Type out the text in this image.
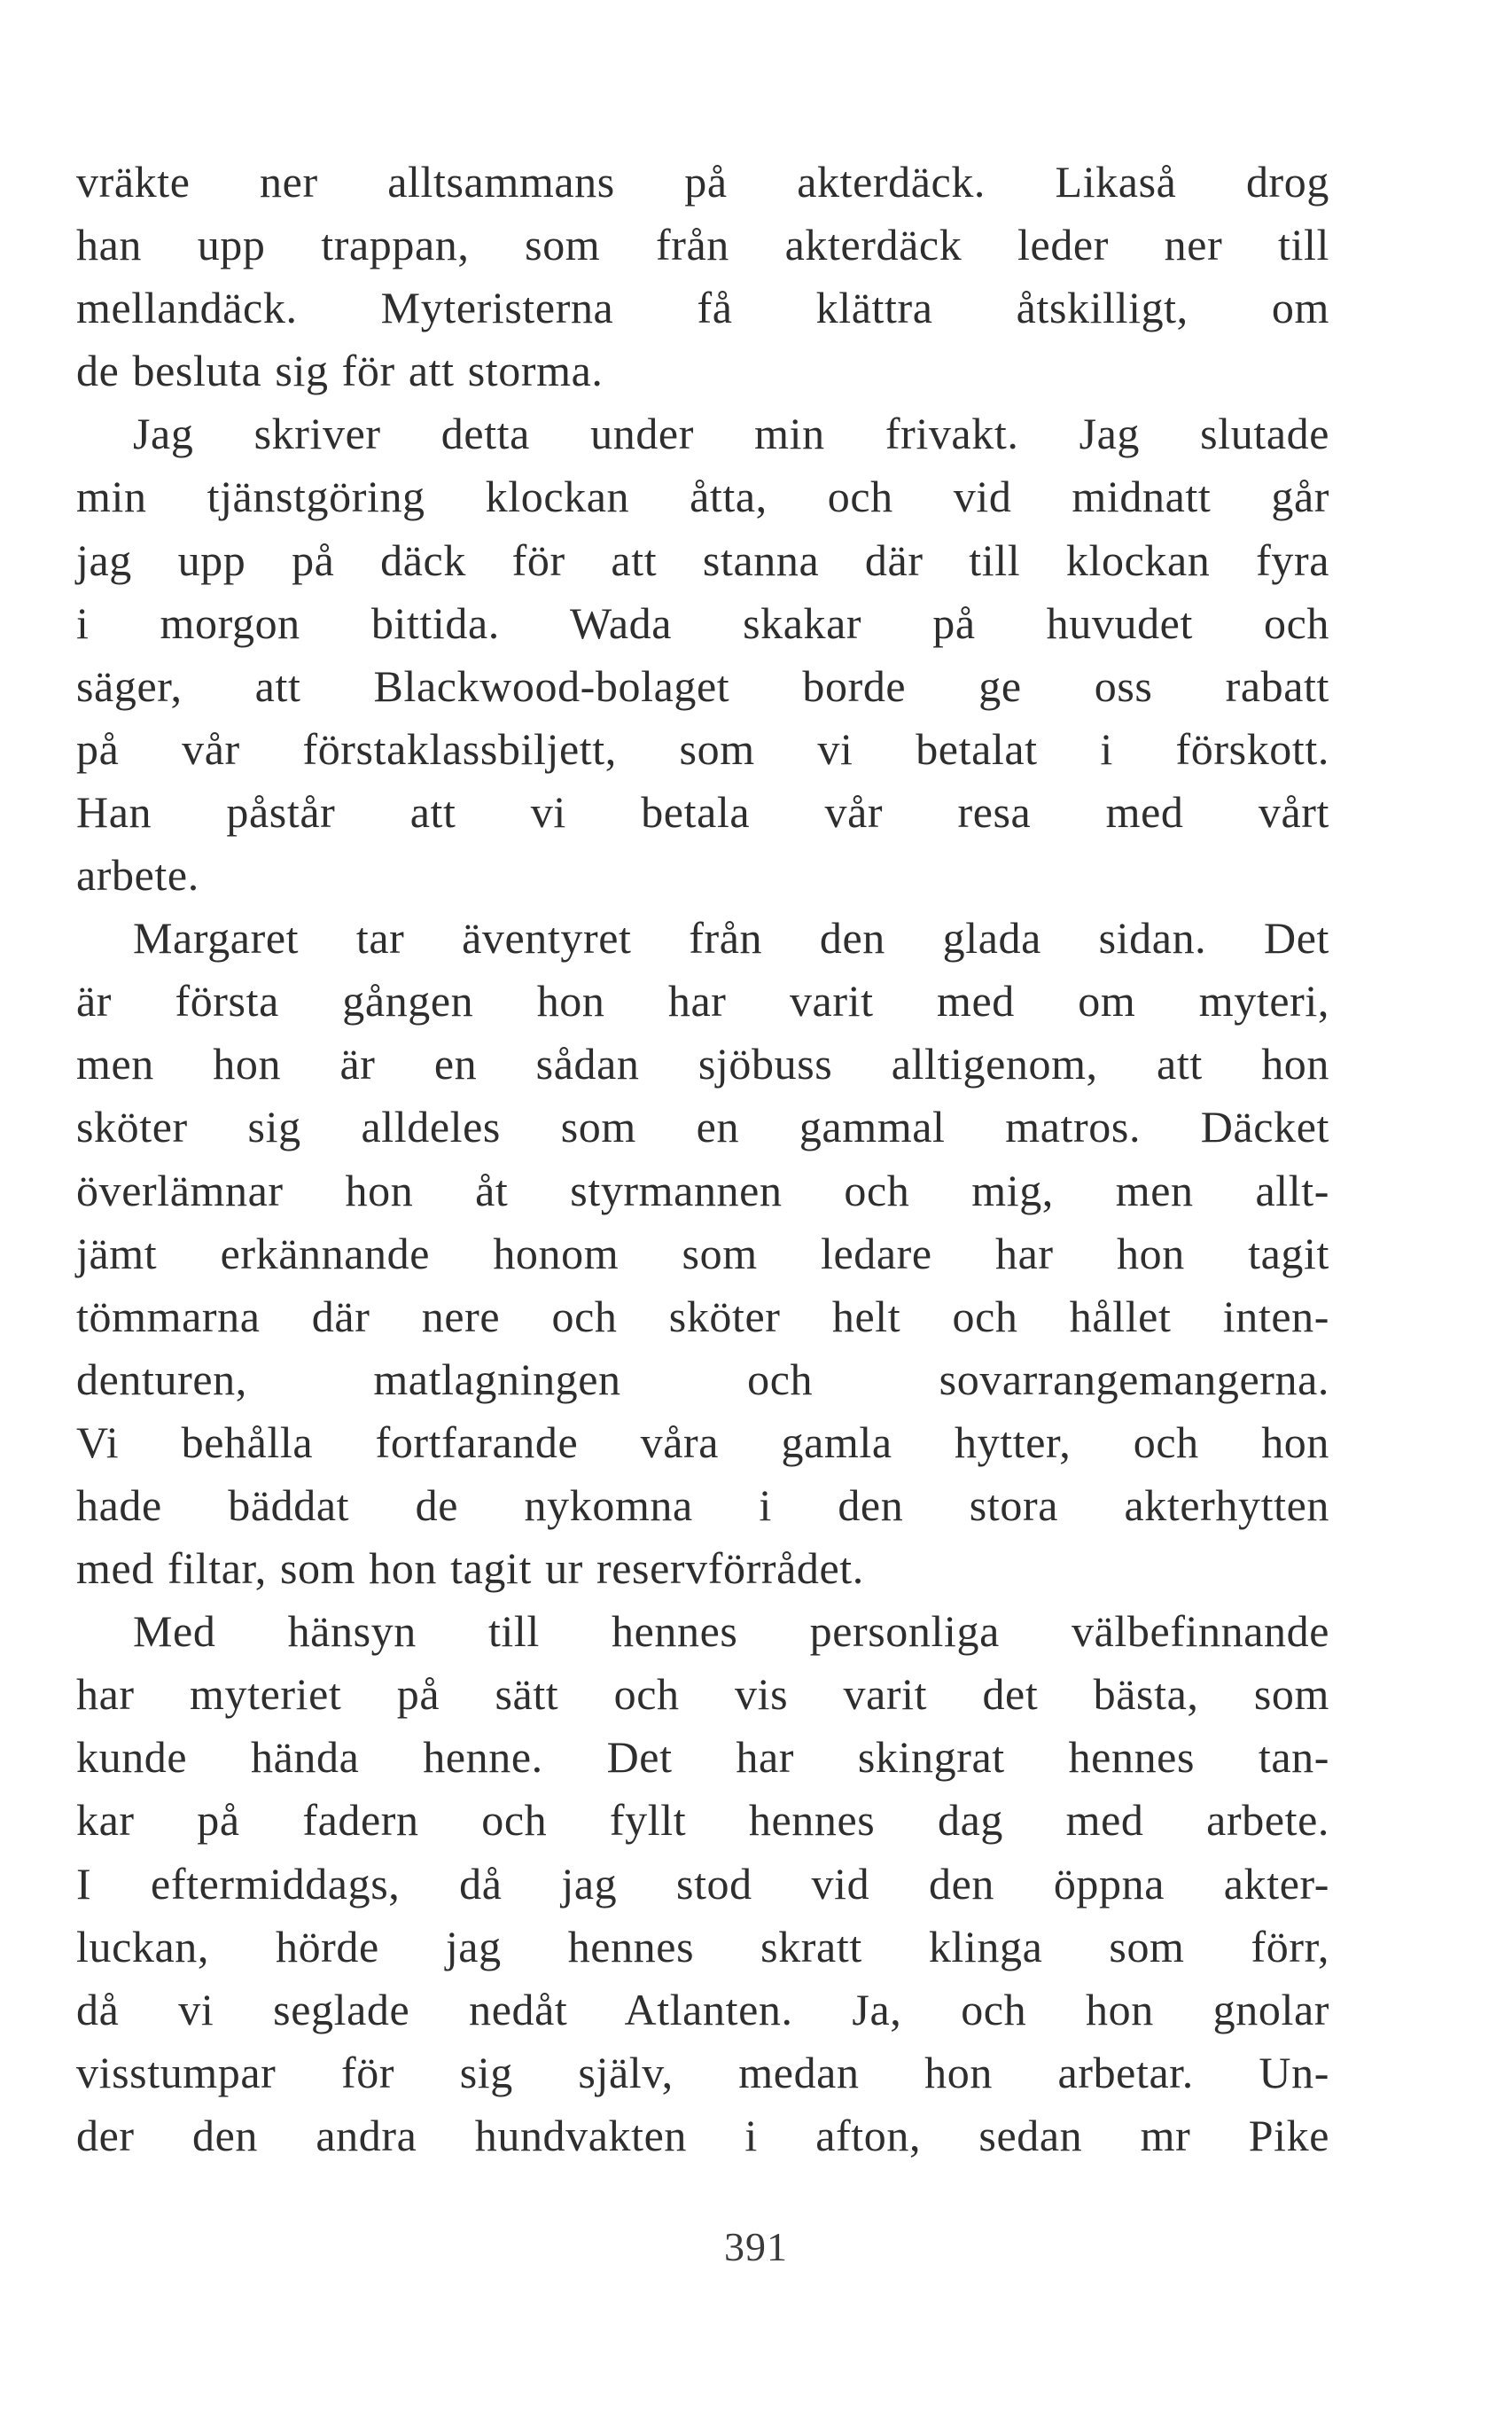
vräkte ner alltsammans på akterdäck. Likaså drog
han upp trappan, som från akterdäck leder ner till
mellandäck. Myteristerna få klättra åtskilligt, om
de besluta sig för att storma.
Jag skriver detta under min frivakt. Jag slutade
min tjänstgöring klockan åtta, och vid midnatt går
jag upp på däck för att stanna där till klockan fyra
i morgon bittida. Wada skakar på huvudet och
säger, att Blackwood-bolaget borde ge oss rabatt
på vår förstaklassbiljett, som vi betalat i förskott.
Han påstår att vi betala vår resa med vårt
arbete.
Margaret tar äventyret från den glada sidan. Det
är första gången hon har varit med om myteri,
men hon är en sådan sjöbuss alltigenom, att hon
sköter sig alldeles som en gammal matros. Däcket
överlämnar hon åt styrmannen och mig, men allt-
jämt erkännande honom som ledare har hon tagit
tömmarna där nere och sköter helt och hållet inten-
denturen, matlagningen och sovarrangemangerna.
Vi behålla fortfarande våra gamla hytter, och hon
hade bäddat de nykomna i den stora akterhytten
med filtar, som hon tagit ur reservförrådet.
Med hänsyn till hennes personliga välbefinnande
har myteriet på sätt och vis varit det bästa, som
kunde hända henne. Det har skingrat hennes tan-
kar på fadern och fyllt hennes dag med arbete.
I eftermiddags, då jag stod vid den öppna akter-
luckan, hörde jag hennes skratt klinga som förr,
då vi seglade nedåt Atlanten. Ja, och hon gnolar
visstumpar för sig själv, medan hon arbetar. Un-
der den andra hundvakten i afton, sedan mr Pike
391
